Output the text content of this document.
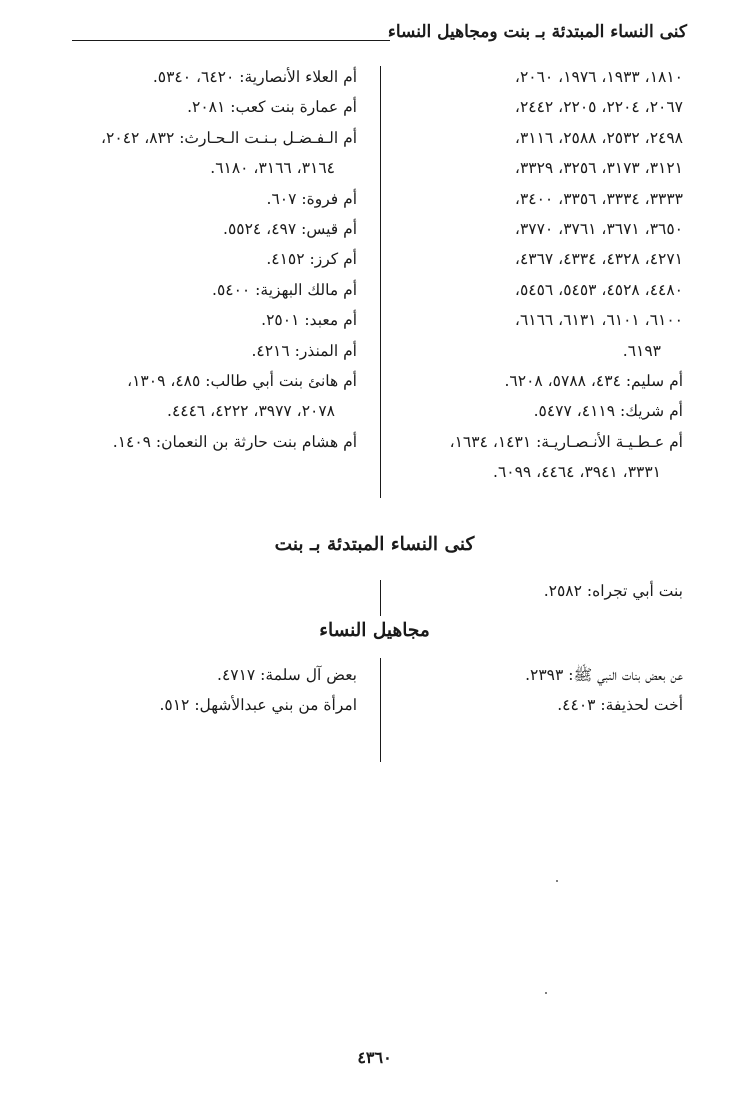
كنى النساء المبتدئة بـ بنت ومجاهيل النساء
١٨١٠، ١٩٣٣، ١٩٧٦، ٢٠٦٠،
٢٠٦٧، ٢٢٠٤، ٢٢٠٥، ٢٤٤٢،
٢٤٩٨، ٢٥٣٢، ٢٥٨٨، ٣١١٦،
٣١٢١، ٣١٧٣، ٣٢٥٦، ٣٣٢٩،
٣٣٣٣، ٣٣٣٤، ٣٣٥٦، ٣٤٠٠،
٣٦٥٠، ٣٦٧١، ٣٧٦١، ٣٧٧٠،
٤٢٧١، ٤٣٢٨، ٤٣٣٤، ٤٣٦٧،
٤٤٨٠، ٤٥٢٨، ٥٤٥٣، ٥٤٥٦،
٦١٠٠، ٦١٠١، ٦١٣١، ٦١٦٦،
٦١٩٣.
أم سليم: ٤٣٤، ٥٧٨٨، ٦٢٠٨.
أم شريك: ٤١١٩، ٥٤٧٧.
أم عـطـيـة الأنـصـاريـة: ١٤٣١، ١٦٣٤،
٣٣٣١، ٣٩٤١، ٤٤٦٤، ٦٠٩٩.
أم العلاء الأنصارية: ٦٤٢٠، ٥٣٤٠.
أم عمارة بنت كعب: ٢٠٨١.
أم الـفـضـل بـنـت الـحـارث: ٨٣٢، ٢٠٤٢،
٣١٦٤، ٣١٦٦، ٦١٨٠.
أم فروة: ٦٠٧.
أم قيس: ٤٩٧، ٥٥٢٤.
أم كرز: ٤١٥٢.
أم مالك البهزية: ٥٤٠٠.
أم معبد: ٢٥٠١.
أم المنذر: ٤٢١٦.
أم هانئ بنت أبي طالب: ٤٨٥، ١٣٠٩،
٢٠٧٨، ٣٩٧٧، ٤٢٢٢، ٤٤٤٦.
أم هشام بنت حارثة بن النعمان: ١٤٠٩.
كنى النساء المبتدئة بـ بنت
بنت أبي تجراه: ٢٥٨٢.
مجاهيل النساء
عن بعض بنات النبي ﷺ: ٢٣٩٣.
أخت لحذيفة: ٤٤٠٣.
بعض آل سلمة: ٤٧١٧.
امرأة من بني عبدالأشهل: ٥١٢.
٤٣٦٠
